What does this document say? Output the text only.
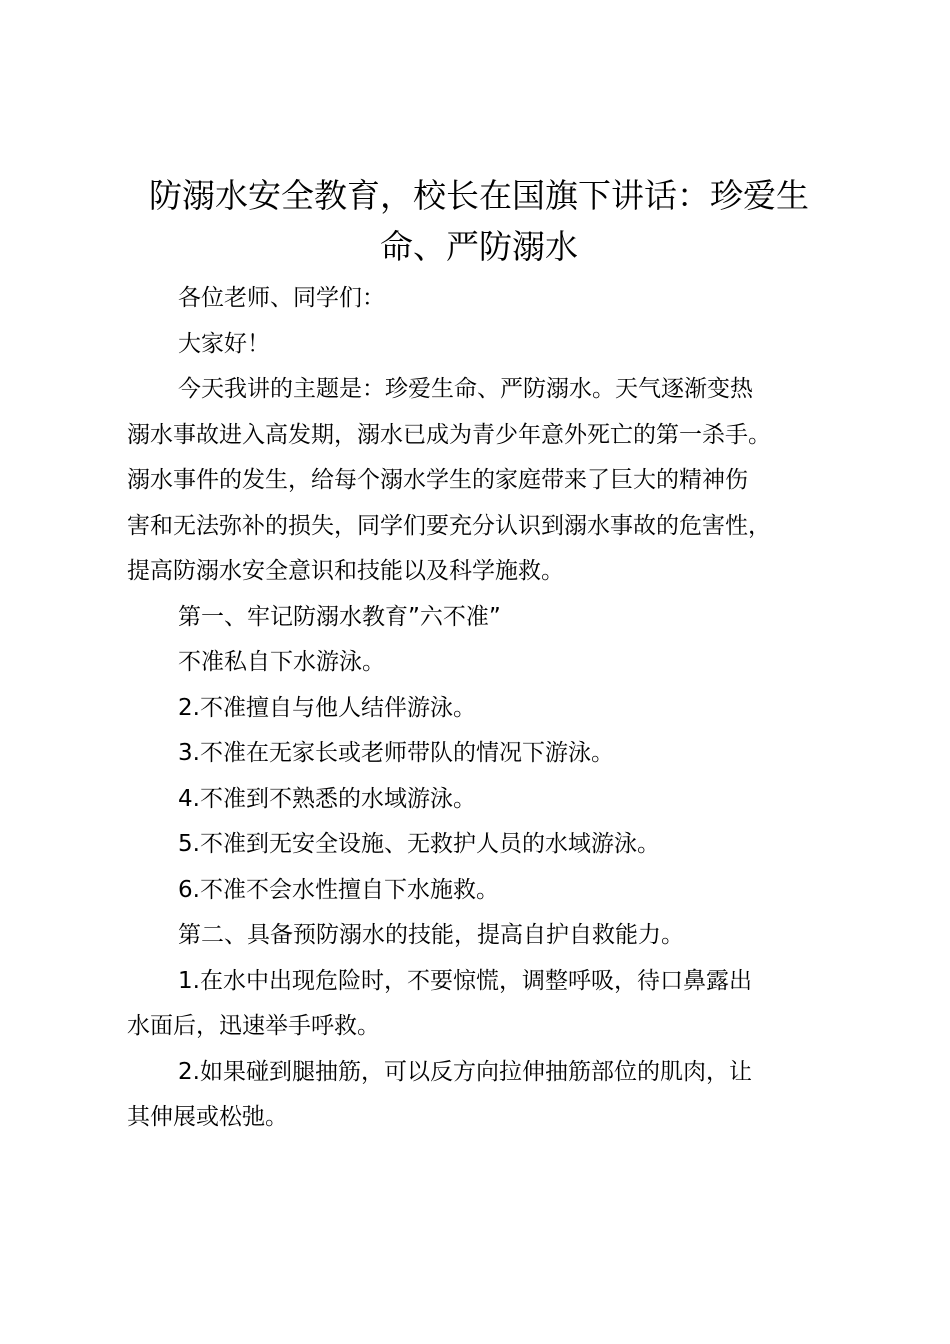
防溺水安全教育，校长在国旗下讲话：珍爱生
命、严防溺水
各位老师、同学们：
大家好！
今天我讲的主题是：珍爱生命、严防溺水。天气逐渐变热
溺水事故进入高发期，溺水已成为青少年意外死亡的第一杀手。
溺水事件的发生，给每个溺水学生的家庭带来了巨大的精神伤
害和无法弥补的损失，同学们要充分认识到溺水事故的危害性，
提高防溺水安全意识和技能以及科学施救。
第一、牢记防溺水教育”六不准”
不准私自下水游泳。
2.不准擅自与他人结伴游泳。
3.不准在无家长或老师带队的情况下游泳。
4.不准到不熟悉的水域游泳。
5.不准到无安全设施、无救护人员的水域游泳。
6.不准不会水性擅自下水施救。
第二、具备预防溺水的技能，提高自护自救能力。
1.在水中出现危险时，不要惊慌，调整呼吸，待口鼻露出
水面后，迅速举手呼救。
2.如果碰到腿抽筋，可以反方向拉伸抽筋部位的肌肉，让
其伸展或松弛。
